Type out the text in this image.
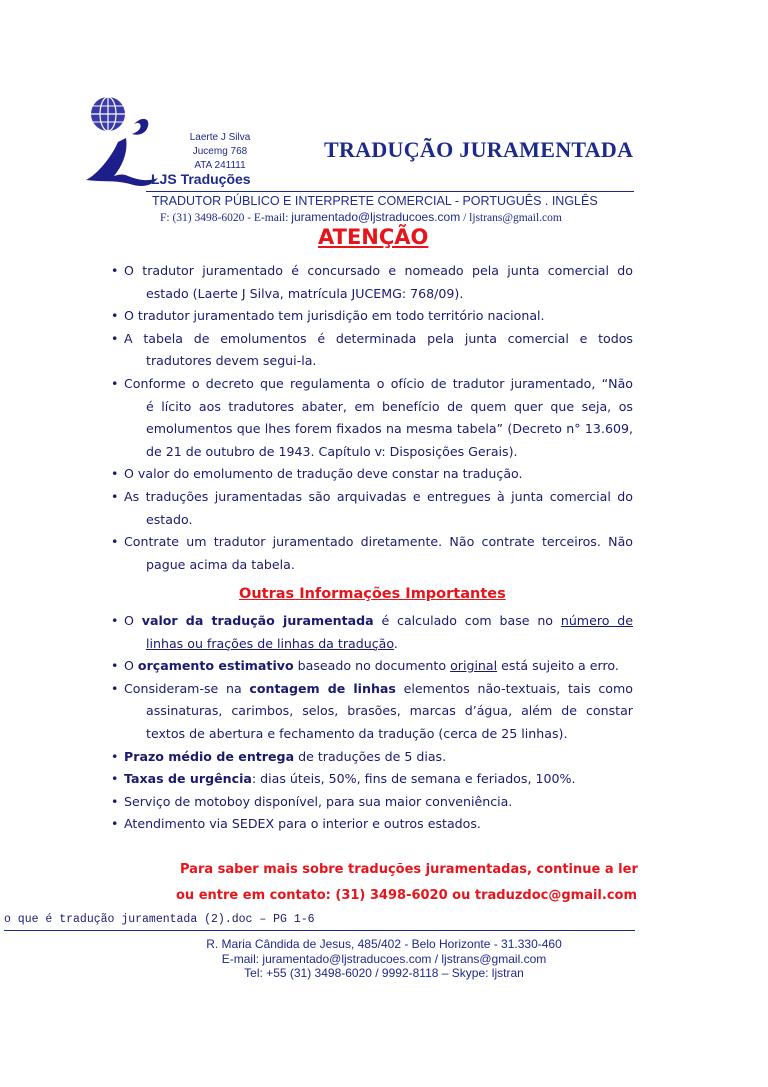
Laerte J Silva
Jucemg 768
ATA 241111
LJS Traduções
TRADUÇÃO JURAMENTADA
TRADUTOR PÚBLICO E INTERPRETE COMERCIAL - PORTUGUÊS . INGLÊS
F: (31) 3498-6020 - E-mail: juramentado@ljstraducoes.com / ljstrans@gmail.com
ATENÇÃO
• O tradutor juramentado é concursado e nomeado pela junta comercial do
estado (Laerte J Silva, matrícula JUCEMG: 768/09).
• O tradutor juramentado tem jurisdição em todo território nacional.
• A tabela de emolumentos é determinada pela junta comercial e todos
tradutores devem segui-la.
• Conforme o decreto que regulamenta o ofício de tradutor juramentado, “Não
é lícito aos tradutores abater, em benefício de quem quer que seja, os
emolumentos que lhes forem fixados na mesma tabela” (Decreto n° 13.609,
de 21 de outubro de 1943. Capítulo v: Disposições Gerais).
• O valor do emolumento de tradução deve constar na tradução.
• As traduções juramentadas são arquivadas e entregues à junta comercial do
estado.
• Contrate um tradutor juramentado diretamente. Não contrate terceiros. Não
pague acima da tabela.
Outras Informações Importantes
• O valor da tradução juramentada é calculado com base no número de
linhas ou frações de linhas da tradução.
• O orçamento estimativo baseado no documento original está sujeito a erro.
• Consideram-se na contagem de linhas elementos não-textuais, tais como
assinaturas, carimbos, selos, brasões, marcas d’água, além de constar
textos de abertura e fechamento da tradução (cerca de 25 linhas).
• Prazo médio de entrega de traduções de 5 dias.
• Taxas de urgência: dias úteis, 50%, fins de semana e feriados, 100%.
• Serviço de motoboy disponível, para sua maior conveniência.
• Atendimento via SEDEX para o interior e outros estados.
Para saber mais sobre traduções juramentadas, continue a ler
ou entre em contato: (31) 3498-6020 ou traduzdoc@gmail.com
o que é tradução juramentada (2).doc – PG 1-6
R. Maria Cândida de Jesus, 485/402 - Belo Horizonte - 31.330-460
E-mail: juramentado@ljstraducoes.com / ljstrans@gmail.com
Tel: +55 (31) 3498-6020 / 9992-8118 – Skype: ljstran
